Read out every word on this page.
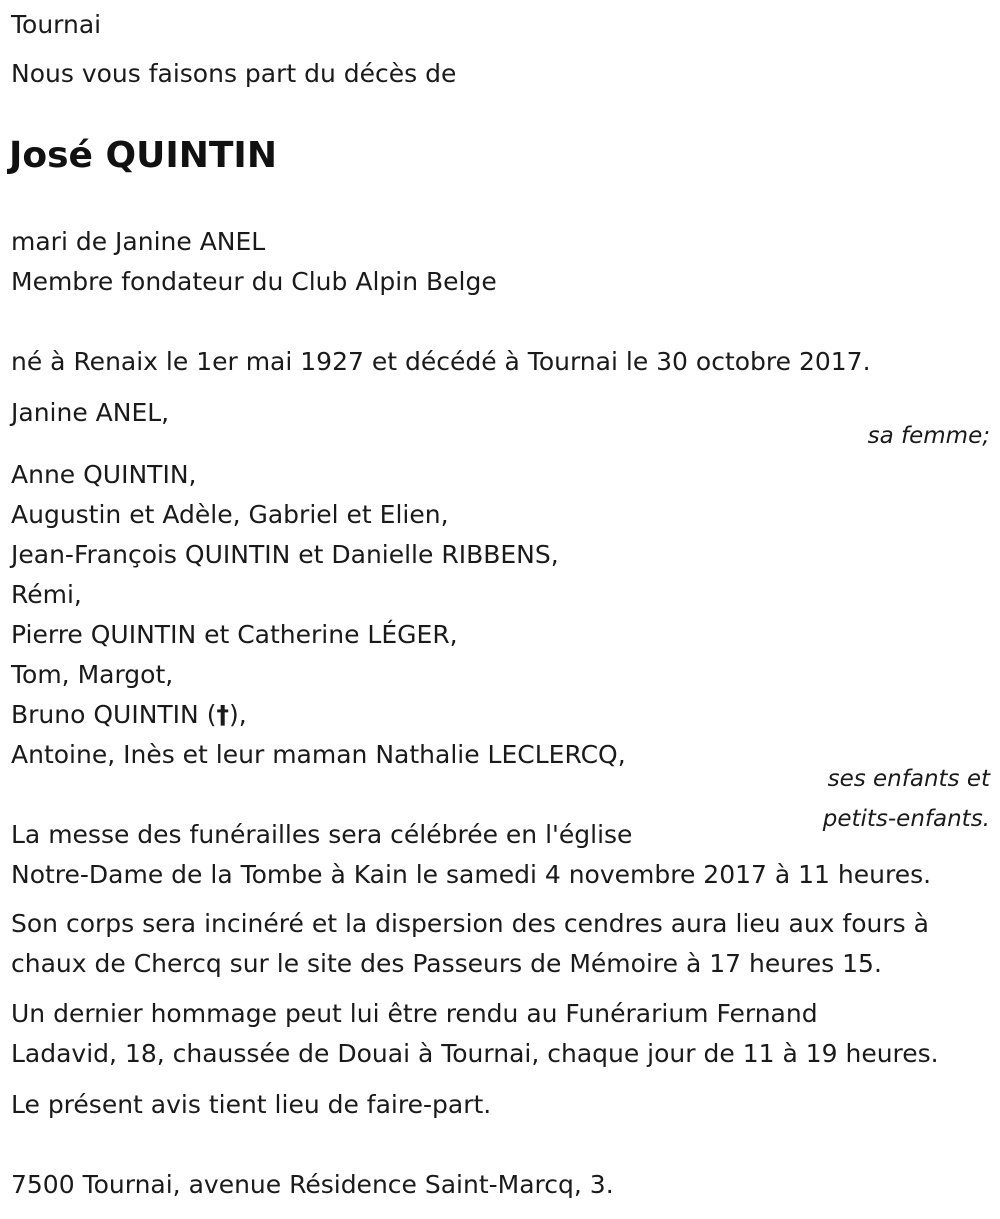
Tournai

Nous vous faisons part du décès de

José QUINTIN

mari de Janine ANEL

Membre fondateur du Club Alpin Belge

né à Renaix le 1er mai 1927 et décédé à Tournai le 30 octobre 2017.

Janine ANEL,

sa femme;

Anne QUINTIN,

Augustin et Adèle, Gabriel et Elien,

Jean-François QUINTIN et Danielle RIBBENS,

Rémi,

Pierre QUINTIN et Catherine LÉGER,

Tom, Margot,

Bruno QUINTIN (†),

Antoine, Inès et leur maman Nathalie LECLERCQ,

ses enfants et
petits-enfants.

La messe des funérailles sera célébrée en l'église

Notre-Dame de la Tombe à Kain le samedi 4 novembre 2017 à 11 heures.

Son corps sera incinéré et la dispersion des cendres aura lieu aux fours à

chaux de Chercq sur le site des Passeurs de Mémoire à 17 heures 15.

Un dernier hommage peut lui être rendu au Funérarium Fernand

Ladavid, 18, chaussée de Douai à Tournai, chaque jour de 11 à 19 heures.

Le présent avis tient lieu de faire-part.

7500 Tournai, avenue Résidence Saint-Marcq, 3.
